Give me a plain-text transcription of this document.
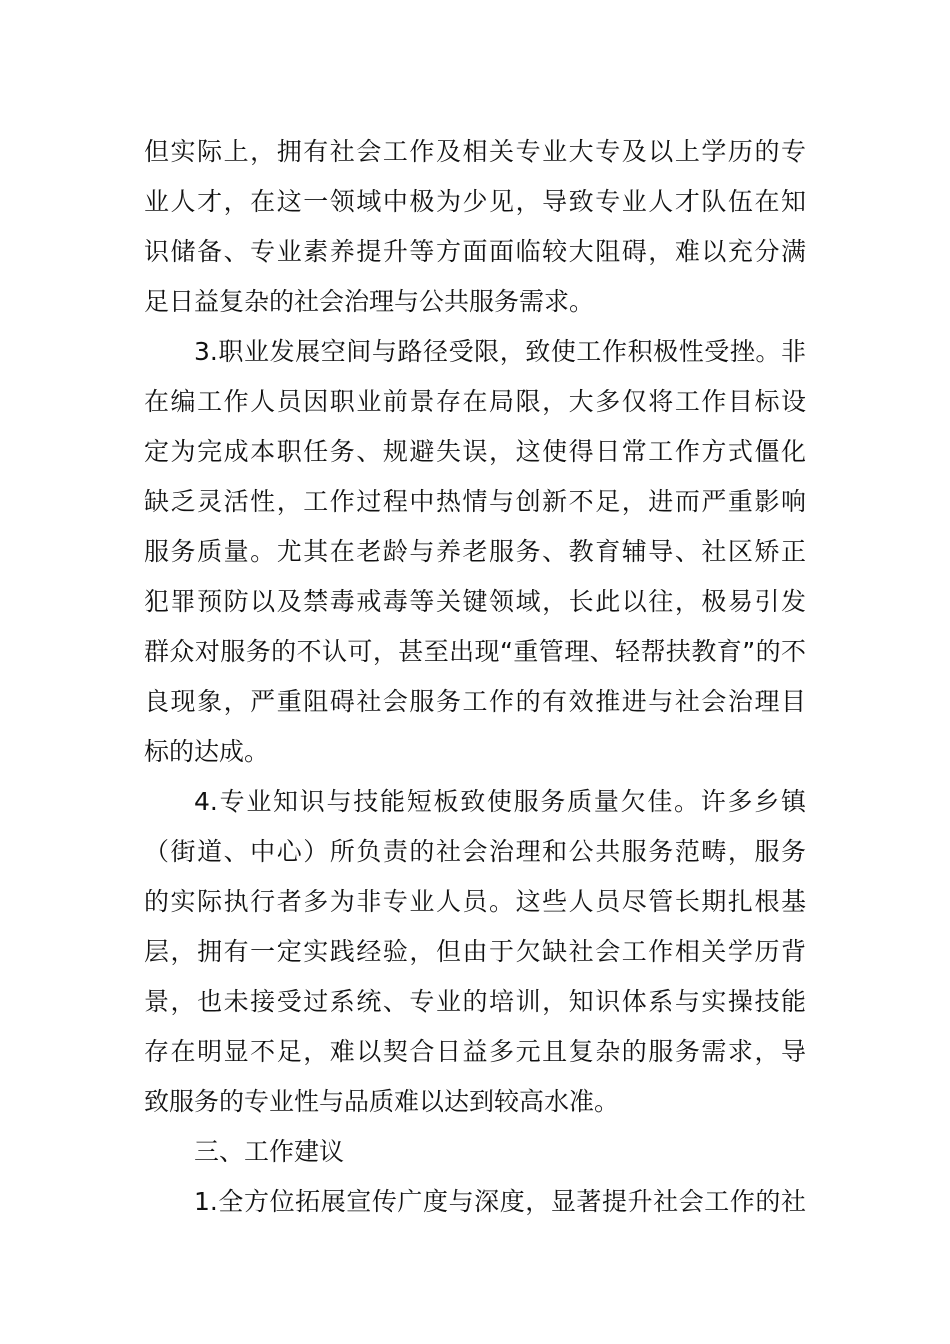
但实际上，拥有社会工作及相关专业大专及以上学历的专
业人才，在这一领域中极为少见，导致专业人才队伍在知
识储备、专业素养提升等方面面临较大阻碍，难以充分满
足日益复杂的社会治理与公共服务需求。
3.职业发展空间与路径受限，致使工作积极性受挫。非
在编工作人员因职业前景存在局限，大多仅将工作目标设
定为完成本职任务、规避失误，这使得日常工作方式僵化
缺乏灵活性，工作过程中热情与创新不足，进而严重影响
服务质量。尤其在老龄与养老服务、教育辅导、社区矫正
犯罪预防以及禁毒戒毒等关键领域，长此以往，极易引发
群众对服务的不认可，甚至出现“重管理、轻帮扶教育”的不
良现象，严重阻碍社会服务工作的有效推进与社会治理目
标的达成。
4.专业知识与技能短板致使服务质量欠佳。许多乡镇
（街道、中心）所负责的社会治理和公共服务范畴，服务
的实际执行者多为非专业人员。这些人员尽管长期扎根基
层，拥有一定实践经验，但由于欠缺社会工作相关学历背
景，也未接受过系统、专业的培训，知识体系与实操技能
存在明显不足，难以契合日益多元且复杂的服务需求，导
致服务的专业性与品质难以达到较高水准。
三、工作建议
1.全方位拓展宣传广度与深度，显著提升社会工作的社
